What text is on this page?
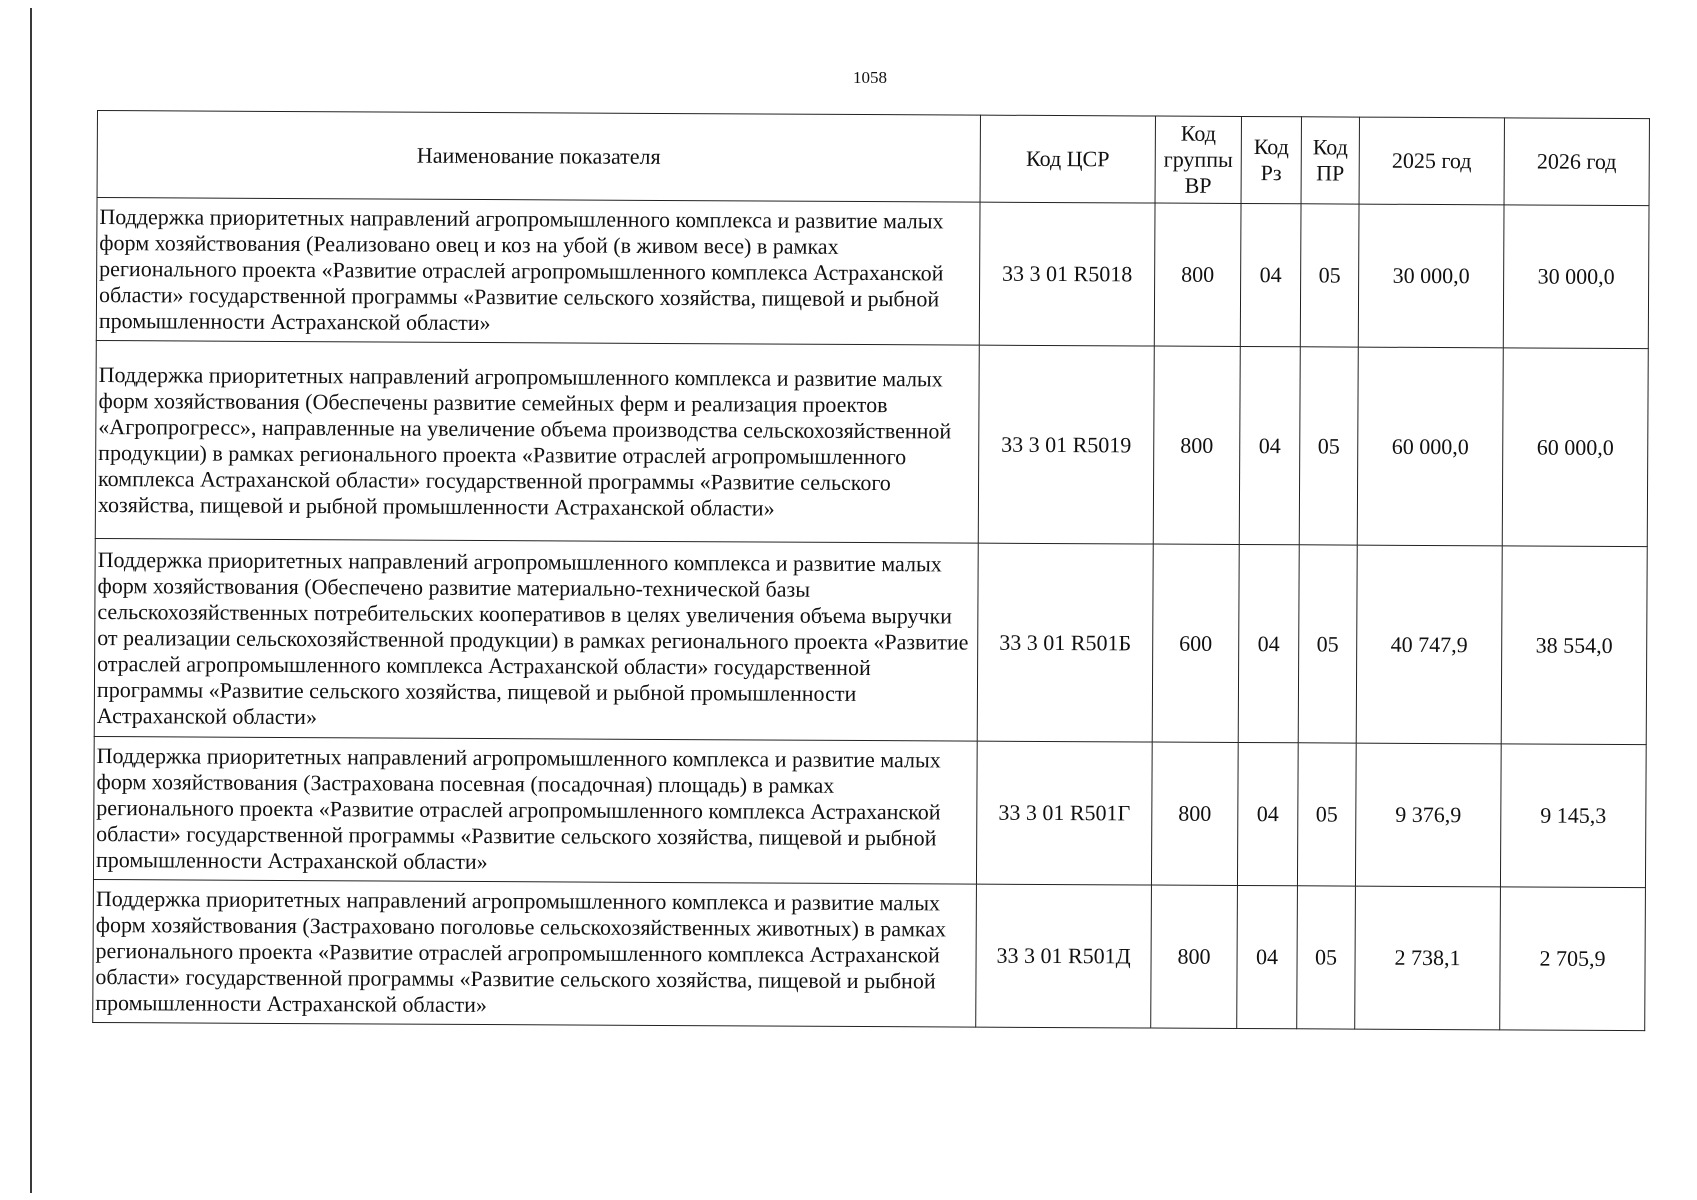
1058
Наименование показателя	Код ЦСР	Код группы ВР	Код Рз	Код ПР	2025 год	2026 год
Поддержка приоритетных направлений агропромышленного комплекса и развитие малых форм хозяйствования (Реализовано овец и коз на убой (в живом весе) в рамках регионального проекта «Развитие отраслей агропромышленного комплекса Астраханской области» государственной программы «Развитие сельского хозяйства, пищевой и рыбной промышленности Астраханской области»	33 3 01 R5018	800	04	05	30 000,0	30 000,0
Поддержка приоритетных направлений агропромышленного комплекса и развитие малых форм хозяйствования (Обеспечены развитие семейных ферм и реализация проектов «Агропрогресс», направленные на увеличение объема производства сельскохозяйственной продукции) в рамках регионального проекта «Развитие отраслей агропромышленного комплекса Астраханской области» государственной программы «Развитие сельского хозяйства, пищевой и рыбной промышленности Астраханской области»	33 3 01 R5019	800	04	05	60 000,0	60 000,0
Поддержка приоритетных направлений агропромышленного комплекса и развитие малых форм хозяйствования (Обеспечено развитие материально-технической базы сельскохозяйственных потребительских кооперативов в целях увеличения объема выручки от реализации сельскохозяйственной продукции) в рамках регионального проекта «Развитие отраслей агропромышленного комплекса Астраханской области» государственной программы «Развитие сельского хозяйства, пищевой и рыбной промышленности Астраханской области»	33 3 01 R501Б	600	04	05	40 747,9	38 554,0
Поддержка приоритетных направлений агропромышленного комплекса и развитие малых форм хозяйствования (Застрахована посевная (посадочная) площадь) в рамках регионального проекта «Развитие отраслей агропромышленного комплекса Астраханской области» государственной программы «Развитие сельского хозяйства, пищевой и рыбной промышленности Астраханской области»	33 3 01 R501Г	800	04	05	9 376,9	9 145,3
Поддержка приоритетных направлений агропромышленного комплекса и развитие малых форм хозяйствования (Застраховано поголовье сельскохозяйственных животных) в рамках регионального проекта «Развитие отраслей агропромышленного комплекса Астраханской области» государственной программы «Развитие сельского хозяйства, пищевой и рыбной промышленности Астраханской области»	33 3 01 R501Д	800	04	05	2 738,1	2 705,9
